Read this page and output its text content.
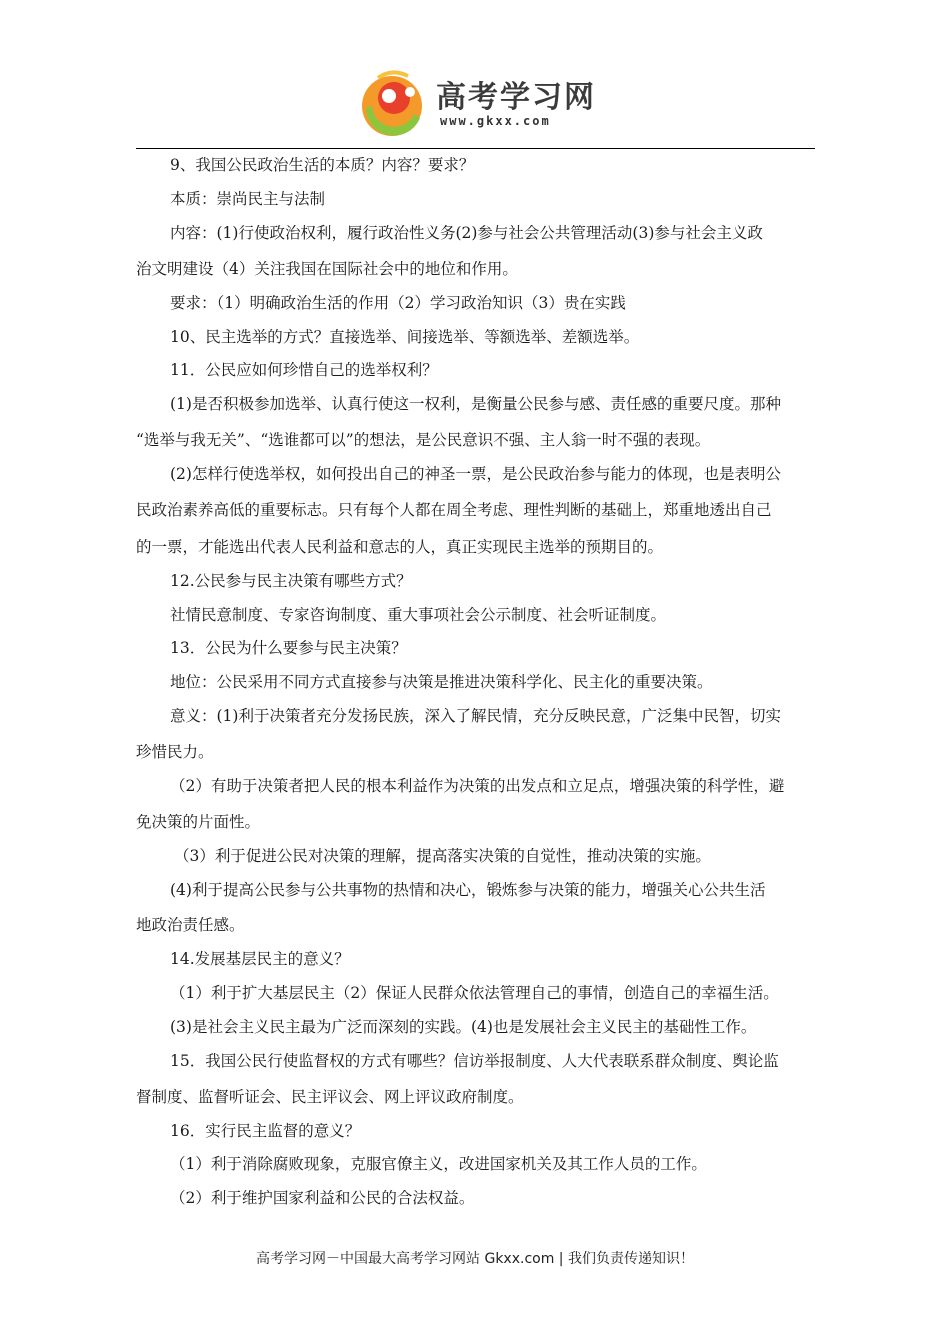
高考学习网
www.gkxx.com
9、我国公民政治生活的本质？内容？要求？
本质：崇尚民主与法制
内容：(1)行使政治权利，履行政治性义务(2)参与社会公共管理活动(3)参与社会主义政
治文明建设（4）关注我国在国际社会中的地位和作用。
要求：（1）明确政治生活的作用（2）学习政治知识（3）贵在实践
10、民主选举的方式？直接选举、间接选举、等额选举、差额选举。
11．公民应如何珍惜自己的选举权利？
(1)是否积极参加选举、认真行使这一权利，是衡量公民参与感、责任感的重要尺度。那种
“选举与我无关”、“选谁都可以”的想法，是公民意识不强、主人翁一时不强的表现。
(2)怎样行使选举权，如何投出自己的神圣一票，是公民政治参与能力的体现，也是表明公
民政治素养高低的重要标志。只有每个人都在周全考虑、理性判断的基础上，郑重地透出自己
的一票，才能选出代表人民利益和意志的人，真正实现民主选举的预期目的。
12.公民参与民主决策有哪些方式？
社情民意制度、专家咨询制度、重大事项社会公示制度、社会听证制度。
13．公民为什么要参与民主决策？
地位：公民采用不同方式直接参与决策是推进决策科学化、民主化的重要决策。
意义：(1)利于决策者充分发扬民族，深入了解民情，充分反映民意，广泛集中民智，切实
珍惜民力。
（2）有助于决策者把人民的根本利益作为决策的出发点和立足点，增强决策的科学性，避
免决策的片面性。
（3）利于促进公民对决策的理解，提高落实决策的自觉性，推动决策的实施。
(4)利于提高公民参与公共事物的热情和决心，锻炼参与决策的能力，增强关心公共生活
地政治责任感。
14.发展基层民主的意义？
（1）利于扩大基层民主（2）保证人民群众依法管理自己的事情，创造自己的幸福生活。
(3)是社会主义民主最为广泛而深刻的实践。(4)也是发展社会主义民主的基础性工作。
15．我国公民行使监督权的方式有哪些？信访举报制度、人大代表联系群众制度、舆论监
督制度、监督听证会、民主评议会、网上评议政府制度。
16．实行民主监督的意义？
（1）利于消除腐败现象，克服官僚主义，改进国家机关及其工作人员的工作。
（2）利于维护国家利益和公民的合法权益。
高考学习网－中国最大高考学习网站 Gkxx.com | 我们负责传递知识！
